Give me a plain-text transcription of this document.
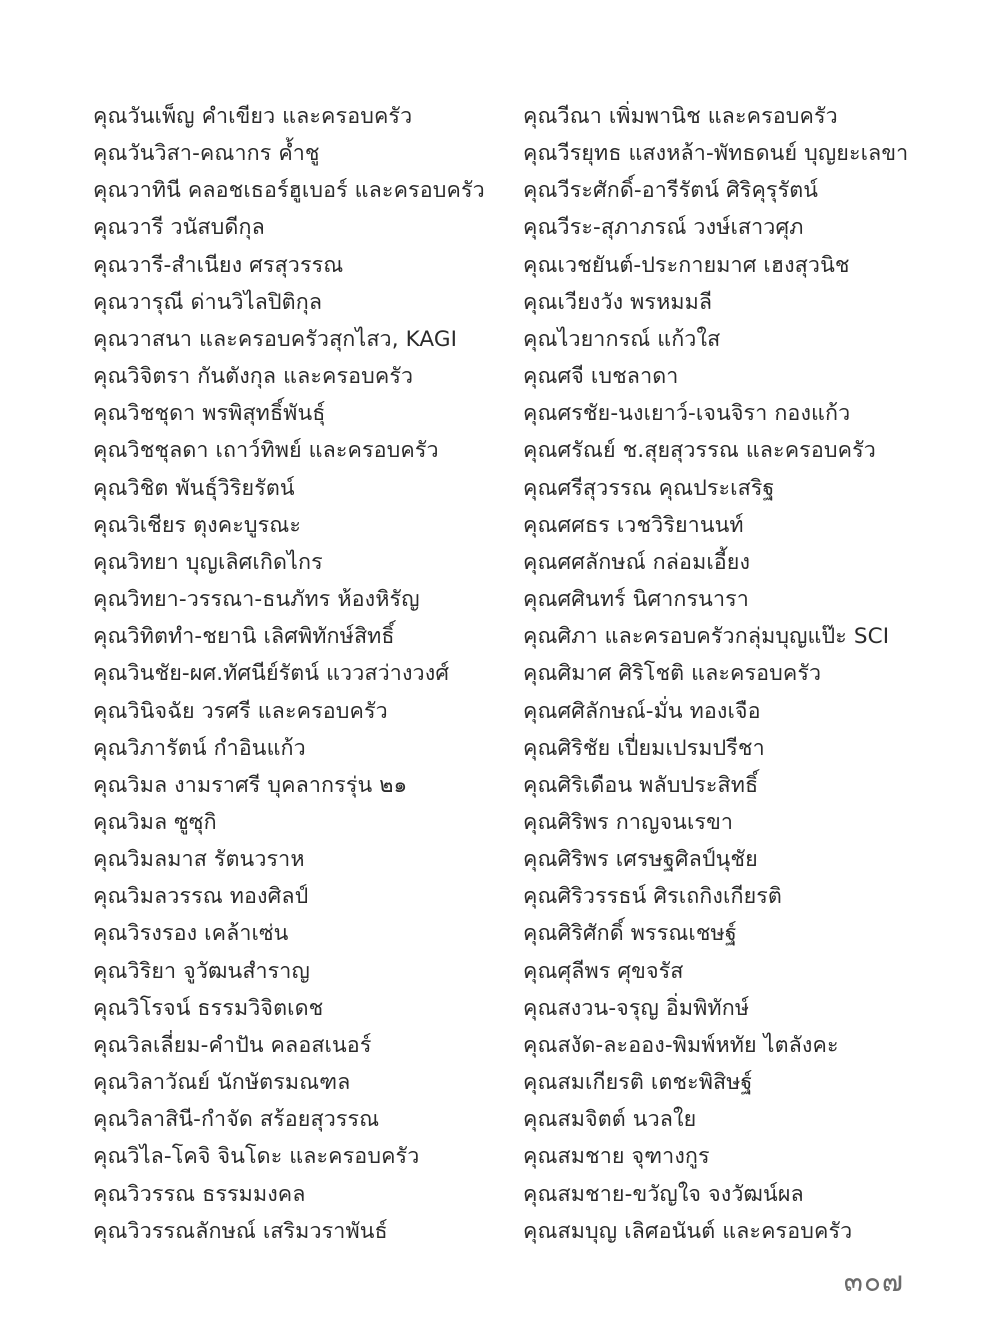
คุณวันเพ็ญ คำเขียว และครอบครัว
คุณวันวิสา-คณากร ค้ำชู
คุณวาทินี คลอชเธอร์ฮูเบอร์ และครอบครัว
คุณวารี วนัสบดีกุล
คุณวารี-สำเนียง ศรสุวรรณ
คุณวารุณี ด่านวิไลปิติกุล
คุณวาสนา และครอบครัวสุกไสว, KAGI
คุณวิจิตรา กันตังกุล และครอบครัว
คุณวิชชุดา พรพิสุทธิ์พันธุ์
คุณวิชชุลดา เถาว์ทิพย์ และครอบครัว
คุณวิชิต พันธุ์วิริยรัตน์
คุณวิเชียร ตุงคะบูรณะ
คุณวิทยา บุญเลิศเกิดไกร
คุณวิทยา-วรรณา-ธนภัทร ห้องหิรัญ
คุณวิทิตทำ-ชยานิ เลิศพิทักษ์สิทธิ์
คุณวินชัย-ผศ.ทัศนีย์รัตน์ แววสว่างวงศ์
คุณวินิจฉัย วรศรี และครอบครัว
คุณวิภารัตน์ กำอินแก้ว
คุณวิมล งามราศรี บุคลากรรุ่น ๒๑
คุณวิมล ซูซุกิ
คุณวิมลมาส รัตนวราห
คุณวิมลวรรณ ทองศิลป์
คุณวิรงรอง เคล้าเซ่น
คุณวิริยา จูวัฒนสำราญ
คุณวิโรจน์ ธรรมวิจิตเดช
คุณวิลเลี่ยม-คำปัน คลอสเนอร์
คุณวิลาวัณย์ นักษัตรมณฑล
คุณวิลาสินี-กำจัด สร้อยสุวรรณ
คุณวิไล-โคจิ จินโดะ และครอบครัว
คุณวิวรรณ ธรรมมงคล
คุณวิวรรณลักษณ์ เสริมวราพันธ์
คุณวีณา เพิ่มพานิช และครอบครัว
คุณวีรยุทธ แสงหล้า-พัทธดนย์ บุญยะเลขา
คุณวีระศักดิ์-อารีรัตน์ ศิริคุรุรัตน์
คุณวีระ-สุภาภรณ์ วงษ์เสาวศุภ
คุณเวชยันต์-ประกายมาศ เฮงสุวนิช
คุณเวียงวัง พรหมมลี
คุณไวยากรณ์ แก้วใส
คุณศจี เบชลาดา
คุณศรชัย-นงเยาว์-เจนจิรา กองแก้ว
คุณศรัณย์ ช.สุยสุวรรณ และครอบครัว
คุณศรีสุวรรณ คุณประเสริฐ
คุณศศธร เวชวิริยานนท์
คุณศศลักษณ์ กล่อมเอี้ยง
คุณศศินทร์ นิศากรนารา
คุณศิภา และครอบครัวกลุ่มบุญแป๊ะ SCI
คุณศิมาศ ศิริโชติ และครอบครัว
คุณศศิลักษณ์-มั่น ทองเจือ
คุณศิริชัย เปี่ยมเปรมปรีชา
คุณศิริเดือน พลับประสิทธิ์
คุณศิริพร กาญจนเรขา
คุณศิริพร เศรษฐศิลป์นุชัย
คุณศิริวรรธน์ ศิรเถกิงเกียรติ
คุณศิริศักดิ์ พรรณเชษฐ์
คุณศุลีพร ศุขจรัส
คุณสงวน-จรุญ อิ่มพิทักษ์
คุณสงัด-ละออง-พิมพ์หทัย ไตลังคะ
คุณสมเกียรติ เตชะพิสิษฐ์
คุณสมจิตต์ นวลใย
คุณสมชาย จุฑางกูร
คุณสมชาย-ขวัญใจ จงวัฒน์ผล
คุณสมบุญ เลิศอนันต์ และครอบครัว
๓๐๗
